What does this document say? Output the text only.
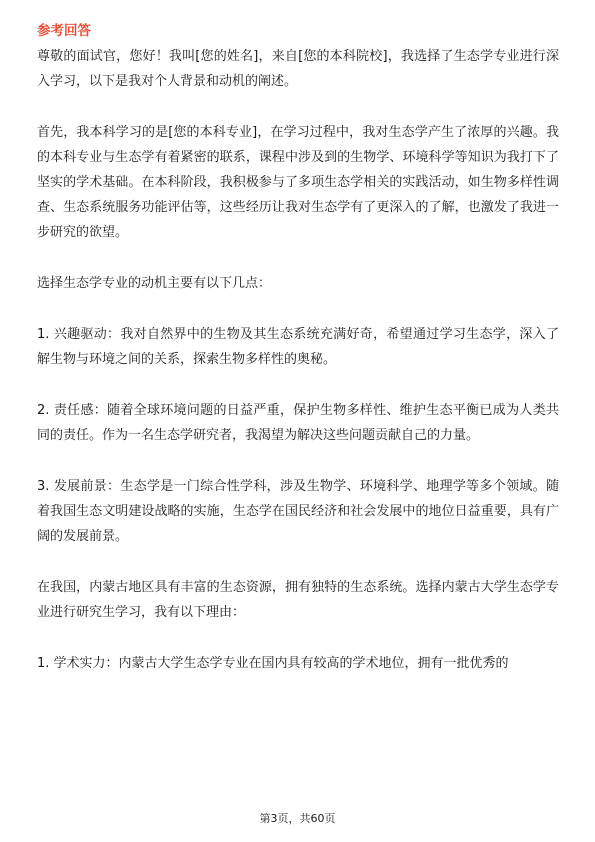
参考回答
尊敬的面试官，您好！我叫[您的姓名]，来自[您的本科院校]，我选择了生态学专业进行深入学习，以下是我对个人背景和动机的阐述。
首先，我本科学习的是[您的本科专业]，在学习过程中，我对生态学产生了浓厚的兴趣。我的本科专业与生态学有着紧密的联系，课程中涉及到的生物学、环境科学等知识为我打下了坚实的学术基础。在本科阶段，我积极参与了多项生态学相关的实践活动，如生物多样性调查、生态系统服务功能评估等，这些经历让我对生态学有了更深入的了解，也激发了我进一步研究的欲望。
选择生态学专业的动机主要有以下几点：
1. 兴趣驱动：我对自然界中的生物及其生态系统充满好奇，希望通过学习生态学，深入了解生物与环境之间的关系，探索生物多样性的奥秘。
2. 责任感：随着全球环境问题的日益严重，保护生物多样性、维护生态平衡已成为人类共同的责任。作为一名生态学研究者，我渴望为解决这些问题贡献自己的力量。
3. 发展前景：生态学是一门综合性学科，涉及生物学、环境科学、地理学等多个领域。随着我国生态文明建设战略的实施，生态学在国民经济和社会发展中的地位日益重要，具有广阔的发展前景。
在我国，内蒙古地区具有丰富的生态资源，拥有独特的生态系统。选择内蒙古大学生态学专业进行研究生学习，我有以下理由：
1. 学术实力：内蒙古大学生态学专业在国内具有较高的学术地位，拥有一批优秀的
第3页，共60页
